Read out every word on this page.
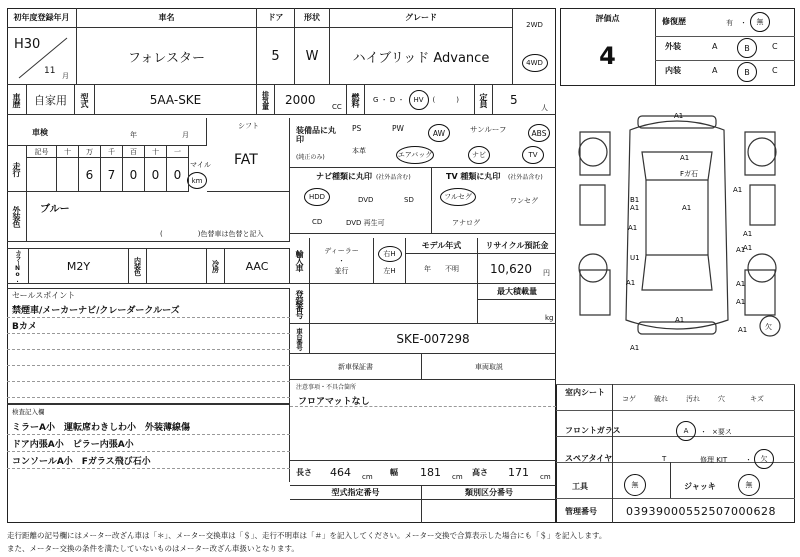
初年度登録年月	車名	ドア	形状	グレード
2WD
4WD
H30
11 月
フォレスター	5	W	ハイブリッド Advance
車歴	自家用	型式	5AA-SKE	排気量 2000 CC
燃料 G ・ D ・	HV	(　　　)	定員 5
人
車検	年	月
シフト
FAT
走行
記号
マイル
km
外装色 ブルー
(　　　　　)色替車は色替と記入
カラーNo.	M2Y	内装色	冷房	AAC
装備品に丸印
(純正のみ)
ナビ種類に丸印 (社外品含む)	TV 種類に丸印 (社外品含む)
輸入車	ディーラー
・
並行
右H
左H
モデル年式
年 不明
リサイクル預託金
10,620 円
セールスポイント	登録番号	最大積載量
kg
車台番号	SKE-007298
新車保証書	車両取説
注意事項・不具合箇所
フロアマットなし
検査記入欄
長さ 464 cm 幅 181 cm 高さ 171 cm
型式指定番号	類別区分番号
評価点
4
A1
A1
A1
A1
B1
A1
A1
A1
A1
U1
A1	A1
A1
A1
A1
A1
A1
Fガ石
欠
走行距離の記号欄にはメーター改ざん車は「＊」、メーター交換車は「＄」、走行不明車は「＃」を記入してください。メーター交換で合算表示した場合にも「＄」を記入します。
また、メーター交換の条件を満たしていないものはメーター改ざん車扱いとなります。
十	万
6
千
7
百
0
十
0
一
0
PS	PW	AW	サンルーフ	ABS
本革	エアバッグ	ナビ	TV
HDD	DVD	SD
CD	DVD 再生可
フルセグ	ワンセグ
アナログ
禁煙車/メーカーナビ/クレーダークルーズ
Bカメ
ミラーA小　運転席わきしわ小　外装薄線傷
ドア内張A小　ピラー内張A小
コンソールA小　Fガラス飛び石小
修復歴	有 ・	無
外装	A	B	C
内装	A	B	C
室内シート
コゲ	破れ	汚れ	穴	キズ
フロントガラス	A	・ ×要ス
スペアタイヤ	T	修理 KIT	・	欠
工具	無	ジャッキ	無
管理番号	03939000552507000628
